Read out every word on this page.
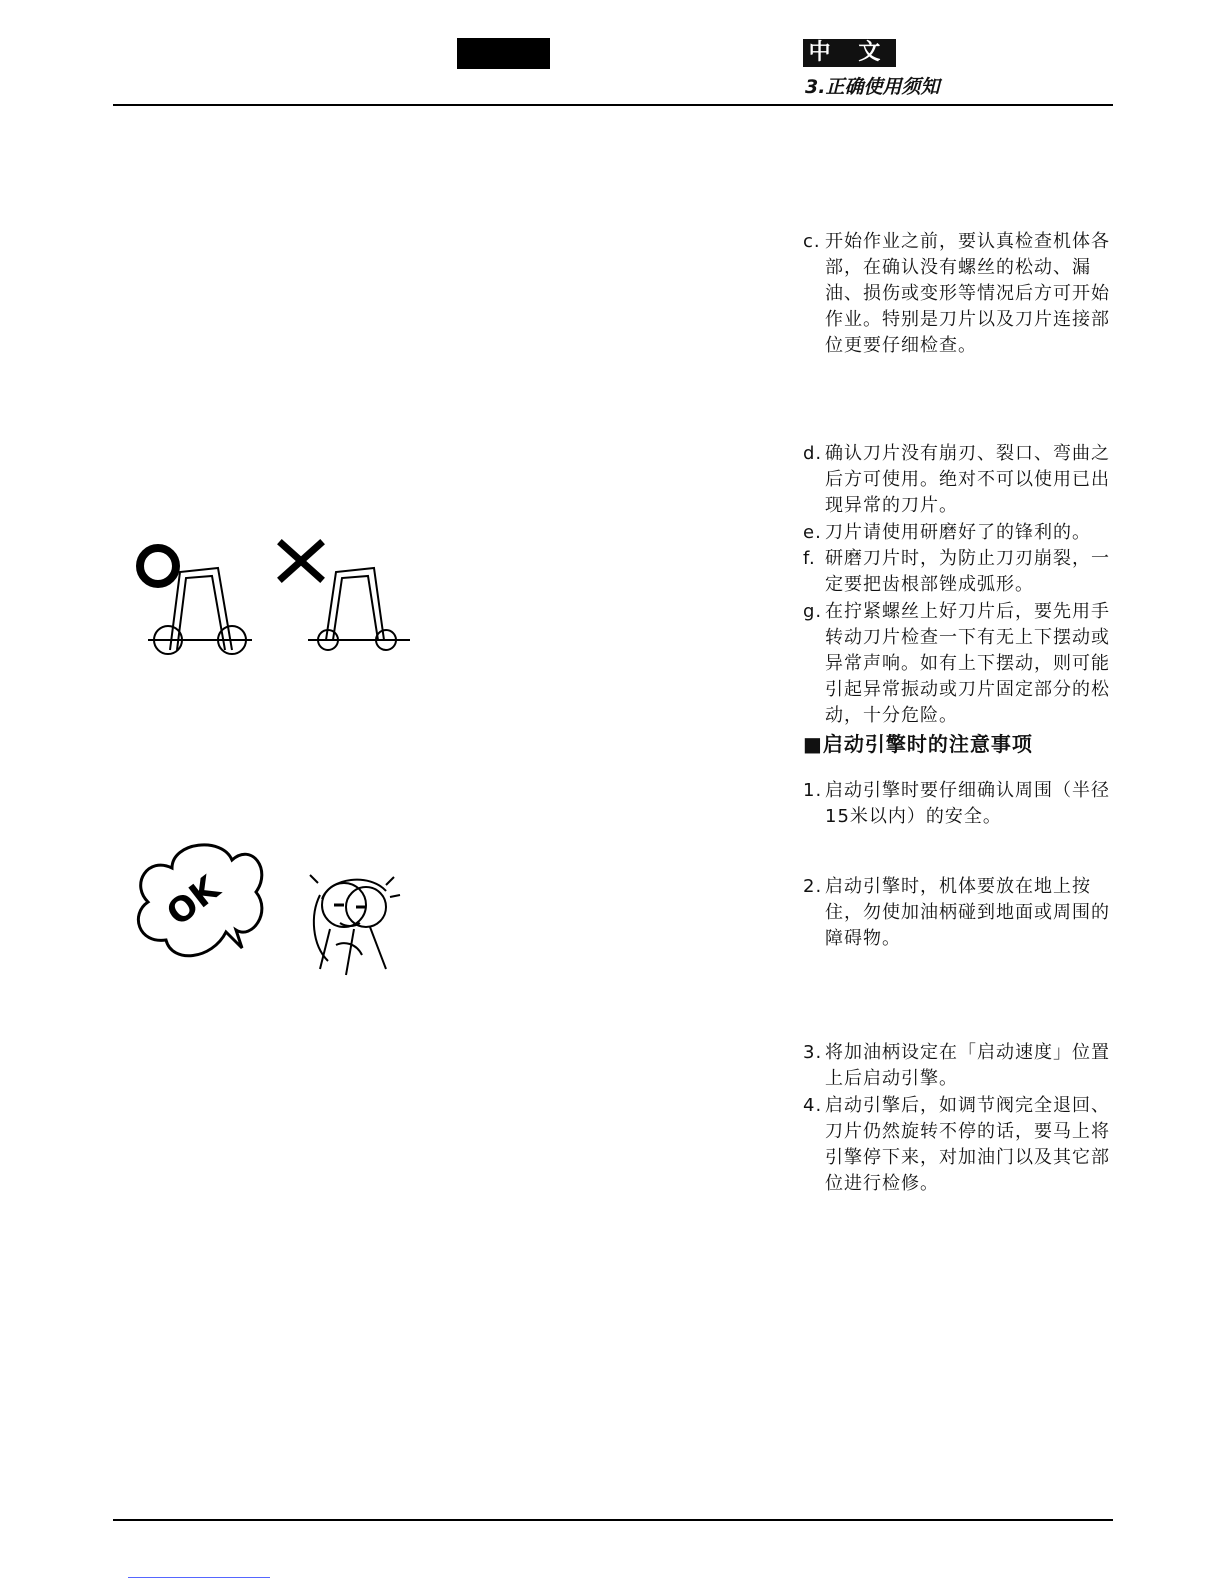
中 文
3.正确使用须知
c. 开始作业之前，要认真检查机体各部，在确认没有螺丝的松动、漏油、损伤或变形等情况后方可开始作业。特别是刀片以及刀片连接部位更要仔细检查。
d. 确认刀片没有崩刃、裂口、弯曲之后方可使用。绝对不可以使用已出现异常的刀片。
e. 刀片请使用研磨好了的锋利的。
f. 研磨刀片时，为防止刀刃崩裂，一定要把齿根部锉成弧形。
g. 在拧紧螺丝上好刀片后，要先用手转动刀片检查一下有无上下摆动或异常声响。如有上下摆动，则可能引起异常振动或刀片固定部分的松动，十分危险。
■启动引擎时的注意事项
1. 启动引擎时要仔细确认周围（半径15米以内）的安全。
2. 启动引擎时，机体要放在地上按住，勿使加油柄碰到地面或周围的障碍物。
3. 将加油柄设定在「启动速度」位置上后启动引擎。
4. 启动引擎后，如调节阀完全退回、刀片仍然旋转不停的话，要马上将引擎停下来，对加油门以及其它部位进行检修。
OK
